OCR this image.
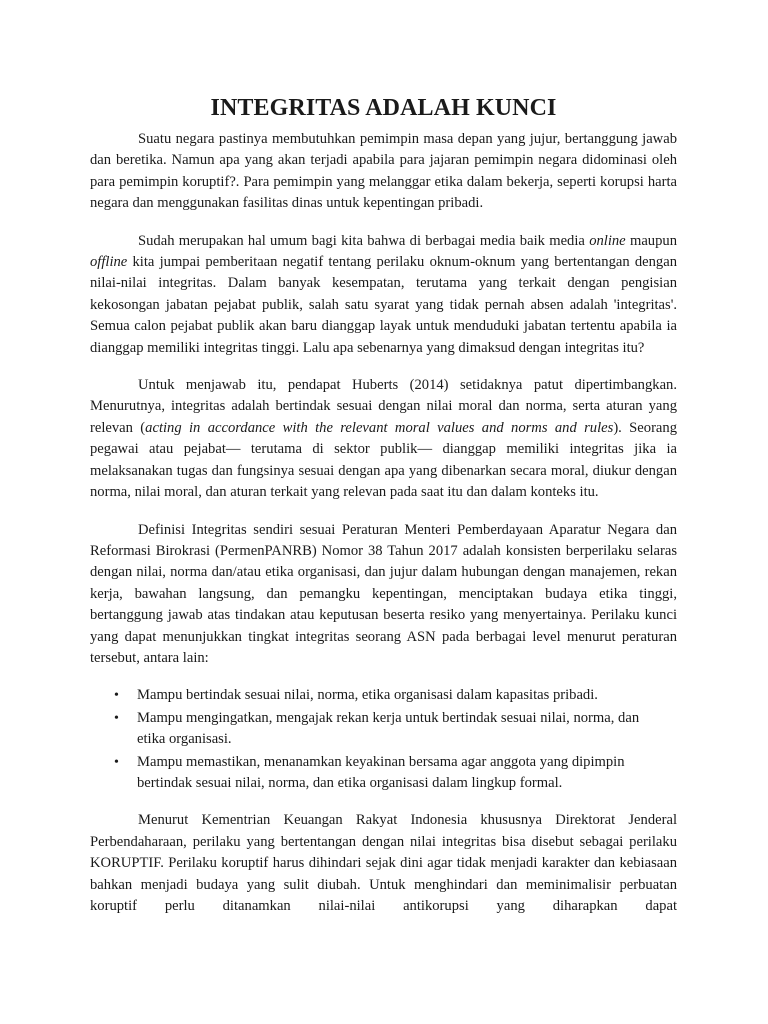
INTEGRITAS ADALAH KUNCI

Suatu negara pastinya membutuhkan pemimpin masa depan yang jujur, bertanggung jawab dan beretika. Namun apa yang akan terjadi apabila para jajaran pemimpin negara didominasi oleh para pemimpin koruptif?. Para pemimpin yang melanggar etika dalam bekerja, seperti korupsi harta negara dan menggunakan fasilitas dinas untuk kepentingan pribadi.

Sudah merupakan hal umum bagi kita bahwa di berbagai media baik media online maupun offline kita jumpai pemberitaan negatif tentang perilaku oknum-oknum yang bertentangan dengan nilai-nilai integritas. Dalam banyak kesempatan, terutama yang terkait dengan pengisian kekosongan jabatan pejabat publik, salah satu syarat yang tidak pernah absen adalah 'integritas'. Semua calon pejabat publik akan baru dianggap layak untuk menduduki jabatan tertentu apabila ia dianggap memiliki integritas tinggi. Lalu apa sebenarnya yang dimaksud dengan integritas itu?

Untuk menjawab itu, pendapat Huberts (2014) setidaknya patut dipertimbangkan. Menurutnya, integritas adalah bertindak sesuai dengan nilai moral dan norma, serta aturan yang relevan (acting in accordance with the relevant moral values and norms and rules). Seorang pegawai atau pejabat— terutama di sektor publik— dianggap memiliki integritas jika ia melaksanakan tugas dan fungsinya sesuai dengan apa yang dibenarkan secara moral, diukur dengan norma, nilai moral, dan aturan terkait yang relevan pada saat itu dan dalam konteks itu.

Definisi Integritas sendiri sesuai Peraturan Menteri Pemberdayaan Aparatur Negara dan Reformasi Birokrasi (PermenPANRB) Nomor 38 Tahun 2017 adalah konsisten berperilaku selaras dengan nilai, norma dan/atau etika organisasi, dan jujur dalam hubungan dengan manajemen, rekan kerja, bawahan langsung, dan pemangku kepentingan, menciptakan budaya etika tinggi, bertanggung jawab atas tindakan atau keputusan beserta resiko yang menyertainya. Perilaku kunci yang dapat menunjukkan tingkat integritas seorang ASN pada berbagai level menurut peraturan tersebut, antara lain:

• Mampu bertindak sesuai nilai, norma, etika organisasi dalam kapasitas pribadi.
• Mampu mengingatkan, mengajak rekan kerja untuk bertindak sesuai nilai, norma, dan etika organisasi.
• Mampu memastikan, menanamkan keyakinan bersama agar anggota yang dipimpin bertindak sesuai nilai, norma, dan etika organisasi dalam lingkup formal.

Menurut Kementrian Keuangan Rakyat Indonesia khususnya Direktorat Jenderal Perbendaharaan, perilaku yang bertentangan dengan nilai integritas bisa disebut sebagai perilaku KORUPTIF. Perilaku koruptif harus dihindari sejak dini agar tidak menjadi karakter dan kebiasaan bahkan menjadi budaya yang sulit diubah. Untuk menghindari dan meminimalisir perbuatan koruptif perlu ditanamkan nilai-nilai antikorupsi yang diharapkan dapat
